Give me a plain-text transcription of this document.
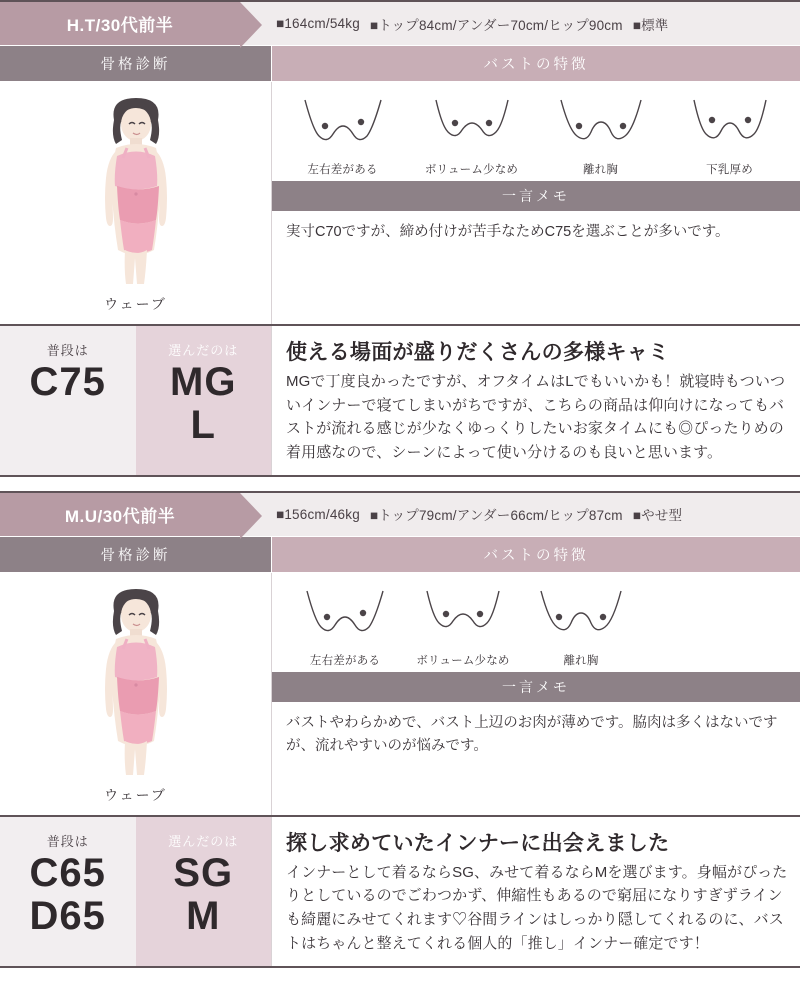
H.T/30代前半	■164cm/54kg ■トップ84cm/アンダー70cm/ヒップ90cm ■標準
骨格診断	バストの特徴
ウェーブ
左右差がある	ボリューム少なめ	離れ胸	下乳厚め
一言メモ
実寸C70ですが、締め付けが苦手なためC75を選ぶことが多いです。
普段は
C75
選んだのは
MG
L
使える場面が盛りだくさんの多様キャミ
MGで丁度良かったですが、オフタイムはLでもいいかも！就寝時もついついインナーで寝てしまいがちですが、こちらの商品は仰向けになってもバストが流れる感じが少なくゆっくりしたいお家タイムにも◎ぴったりめの着用感なので、シーンによって使い分けるのも良いと思います。
M.U/30代前半	■156cm/46kg ■トップ79cm/アンダー66cm/ヒップ87cm ■やせ型
骨格診断	バストの特徴
ウェーブ
左右差がある	ボリューム少なめ	離れ胸
一言メモ
バストやわらかめで、バスト上辺のお肉が薄めです。脇肉は多くはないですが、流れやすいのが悩みです。
普段は
C65
D65
選んだのは
SG
M
探し求めていたインナーに出会えました
インナーとして着るならSG、みせて着るならMを選びます。身幅がぴったりとしているのでごわつかず、伸縮性もあるので窮屈になりすぎずラインも綺麗にみせてくれます♡谷間ラインはしっかり隠してくれるのに、バストはちゃんと整えてくれる個人的「推し」インナー確定です！
